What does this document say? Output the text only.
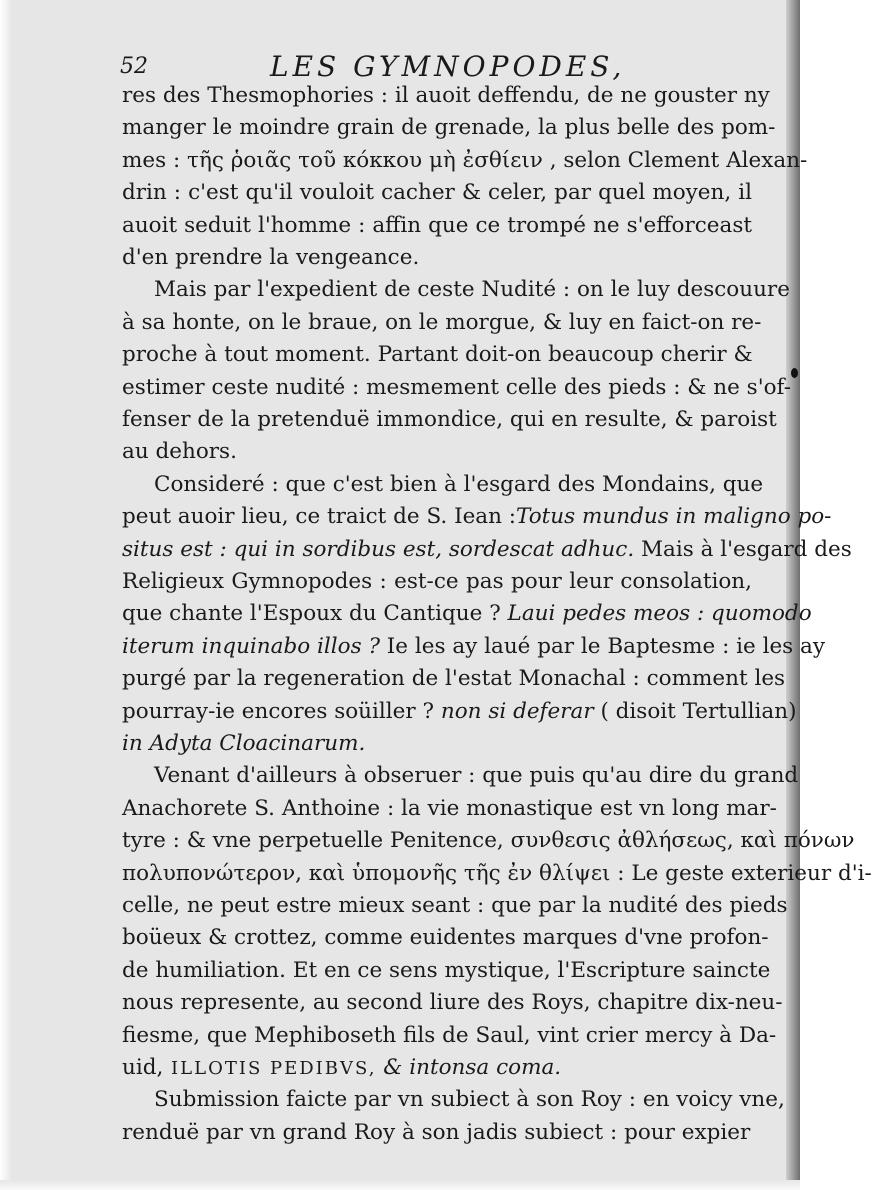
52	LES GYMNOPODES,
res des Thesmophories : il auoit deffendu, de ne gouster ny
manger le moindre grain de grenade, la plus belle des pom-
mes : τῆς ῥοιᾶς τοῦ κόκκου μὴ ἐσθίειν , selon Clement Alexan-
drin : c'est qu'il vouloit cacher & celer, par quel moyen, il
auoit seduit l'homme : affin que ce trompé ne s'efforceast
d'en prendre la vengeance.
Mais par l'expedient de ceste Nudité : on le luy descouure
à sa honte, on le braue, on le morgue, & luy en faict-on re-
proche à tout moment. Partant doit-on beaucoup cherir &
estimer ceste nudité : mesmement celle des pieds : & ne s'of-
fenser de la pretenduë immondice, qui en resulte, & paroist
au dehors.
Consideré : que c'est bien à l'esgard des Mondains, que
peut auoir lieu, ce traict de S. Iean :Totus mundus in maligno po-
situs est : qui in sordibus est, sordescat adhuc. Mais à l'esgard des
Religieux Gymnopodes : est-ce pas pour leur consolation,
que chante l'Espoux du Cantique ? Laui pedes meos : quomodo
iterum inquinabo illos ? Ie les ay laué par le Baptesme : ie les ay
purgé par la regeneration de l'estat Monachal : comment les
pourray-ie encores soüiller ? non si deferar ( disoit Tertullian)
in Adyta Cloacinarum.
Venant d'ailleurs à obseruer : que puis qu'au dire du grand
Anachorete S. Anthoine : la vie monastique est vn long mar-
tyre : & vne perpetuelle Penitence, συνθεσις ἀθλήσεως, καὶ πόνων
πολυπονώτερον, καὶ ὑπομονῆς τῆς ἐν θλίψει : Le geste exterieur d'i-
celle, ne peut estre mieux seant : que par la nudité des pieds
boüeux & crottez, comme euidentes marques d'vne profon-
de humiliation. Et en ce sens mystique, l'Escripture saincte
nous represente, au second liure des Roys, chapitre dix-neu-
fiesme, que Mephiboseth fils de Saul, vint crier mercy à Da-
uid, ILLOTIS PEDIBVS, & intonsa coma.
Submission faicte par vn subiect à son Roy : en voicy vne,
renduë par vn grand Roy à son jadis subiect : pour expier
